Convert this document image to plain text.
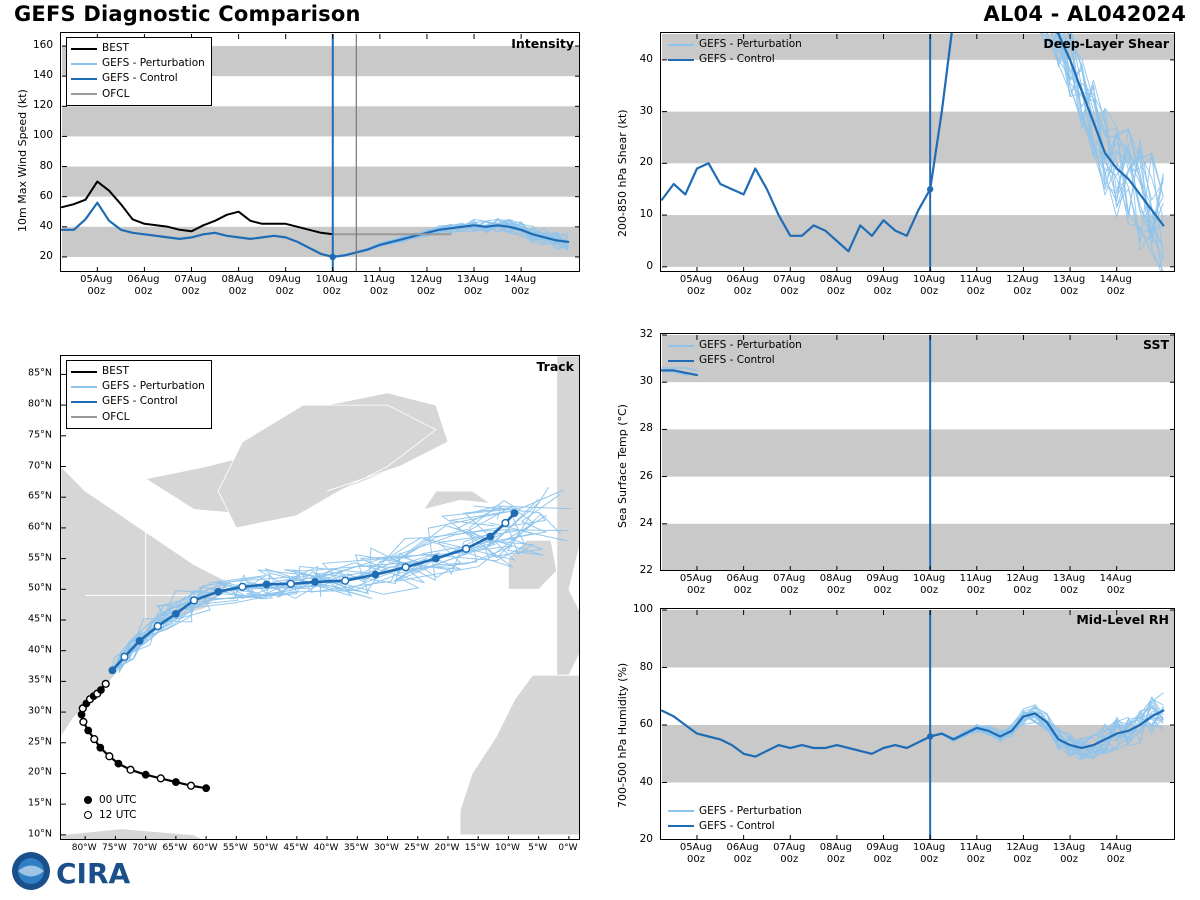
GEFS Diagnostic Comparison	AL04 - AL042024
Intensity
BEST
GEFS - Perturbation
GEFS - Control
OFCL
10m Max Wind Speed (kt)
20
40
60
80
100
120
140
160
05Aug
00z
06Aug
00z
07Aug
00z
08Aug
00z
09Aug
00z
10Aug
00z
11Aug
00z
12Aug
00z
13Aug
00z
14Aug
00z
Track
BEST
GEFS - Perturbation
GEFS - Control
OFCL
00 UTC
12 UTC
80°W 75°W 70°W 65°W 60°W 55°W 50°W 45°W 40°W 35°W 30°W 25°W 20°W 15°W 10°W 5°W 0°W
10°N
15°N
20°N
25°N
30°N
35°N
40°N
45°N
50°N
55°N
60°N
65°N
70°N
75°N
80°N
85°N
Deep-Layer Shear
GEFS - Perturbation
GEFS - Control
200-850 hPa Shear (kt)
0
10
20
30
40
05Aug
00z
06Aug
00z
07Aug
00z
08Aug
00z
09Aug
00z
10Aug
00z
11Aug
00z
12Aug
00z
13Aug
00z
14Aug
00z
SST
GEFS - Perturbation
GEFS - Control
Sea Surface Temp (°C)
22
24
26
28
30
32
05Aug
00z
06Aug
00z
07Aug
00z
08Aug
00z
09Aug
00z
10Aug
00z
11Aug
00z
12Aug
00z
13Aug
00z
14Aug
00z
Mid-Level RH
GEFS - Perturbation
GEFS - Control
700-500 hPa Humidity (%)
20
40
60
80
100
05Aug
00z
06Aug
00z
07Aug
00z
08Aug
00z
09Aug
00z
10Aug
00z
11Aug
00z
12Aug
00z
13Aug
00z
14Aug
00z
CIRA
